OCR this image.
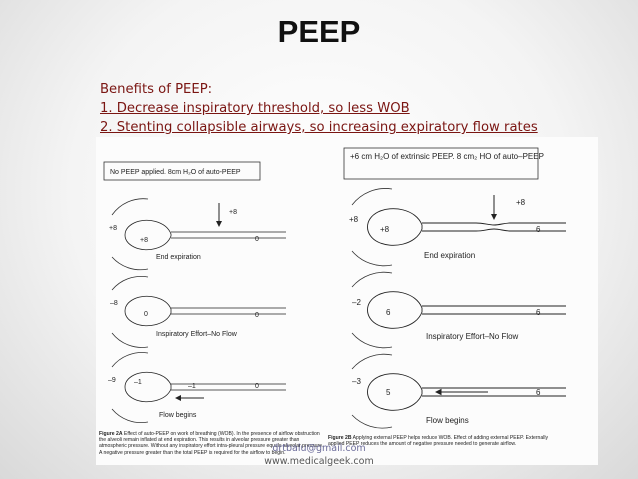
PEEP
Benefits of PEEP:
1. Decrease inspiratory threshold, so less WOB
2. Stenting collapsible airways, so increasing expiratory flow rates
No PEEP applied. 8cm H₂O of auto-PEEP
+6 cm H₂O of extrinsic PEEP. 8 cm₂ HO of auto–PEEP
+8
+8
+8
0
End expiration
–8
0	0
Inspiratory Effort–No Flow
–9	–1
–1	0
Flow begins
+8
+8
+8
6
End expiration
–2
6	6
Inspiratory Effort–No Flow
–3
5	6
Flow begins
Figure 2A Effect of auto-PEEP on work of breathing (WOB). In the presence of airflow obstruction the alveoli remain inflated at end expiration. This results in alveolar pressure greater than atmospheric pressure. Without any inspiratory effort intra-pleural pressure equals alveolar pressure. A negative pressure greater than the total PEEP is required for the airflow to begin.
Figure 2B Applying external PEEP helps reduce WOB. Effect of adding external PEEP. Externally applied PEEP reduces the amount of negative pressure needed to generate airflow.
drtbalu@gmail.com
www.medicalgeek.com
